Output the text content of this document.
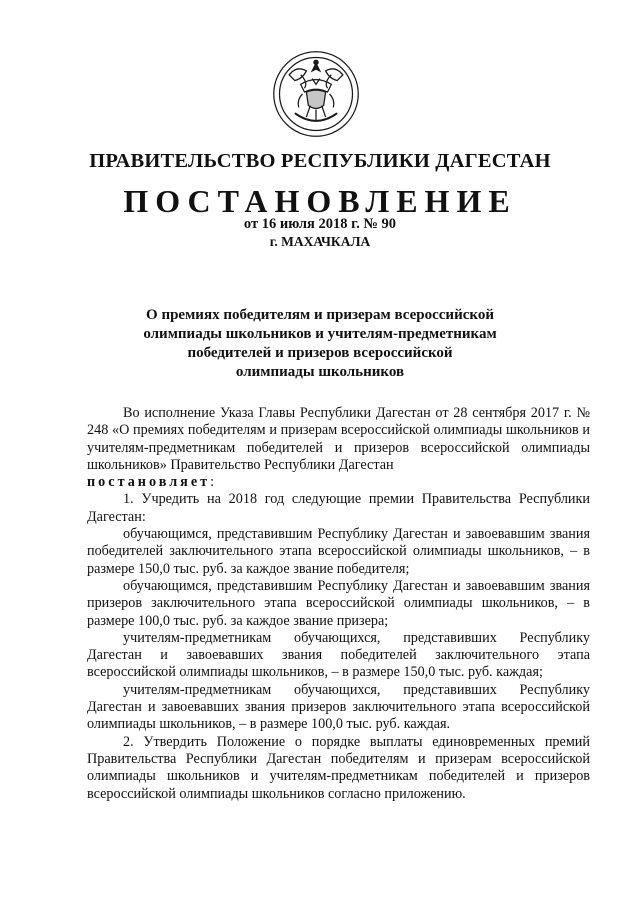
ПРАВИТЕЛЬСТВО РЕСПУБЛИКИ ДАГЕСТАН
ПОСТАНОВЛЕНИЕ
от 16 июля 2018 г. № 90
г. МАХАЧКАЛА
О премиях победителям и призерам всероссийской
олимпиады школьников и учителям-предметникам
победителей и призеров всероссийской
олимпиады школьников

Во исполнение Указа Главы Республики Дагестан от 28 сентября 2017 г. № 248 «О премиях победителям и призерам всероссийской олимпиады школьников и учителям-предметникам победителей и призеров всероссийской олимпиады школьников» Правительство Республики Дагестан

постановляет:

1. Учредить на 2018 год следующие премии Правительства Республики Дагестан:

обучающимся, представившим Республику Дагестан и завоевавшим звания победителей заключительного этапа всероссийской олимпиады школьников, – в размере 150,0 тыс. руб. за каждое звание победителя;

обучающимся, представившим Республику Дагестан и завоевавшим звания призеров заключительного этапа всероссийской олимпиады школьников, – в размере 100,0 тыс. руб. за каждое звание призера;

учителям-предметникам обучающихся, представивших Республику Дагестан и завоевавших звания победителей заключительного этапа всероссийской олимпиады школьников, – в размере 150,0 тыс. руб. каждая;

учителям-предметникам обучающихся, представивших Республику Дагестан и завоевавших звания призеров заключительного этапа всероссийской олимпиады школьников, – в размере 100,0 тыс. руб. каждая.

2. Утвердить Положение о порядке выплаты единовременных премий Правительства Республики Дагестан победителям и призерам всероссийской олимпиады школьников и учителям-предметникам победителей и призеров всероссийской олимпиады школьников согласно приложению.
